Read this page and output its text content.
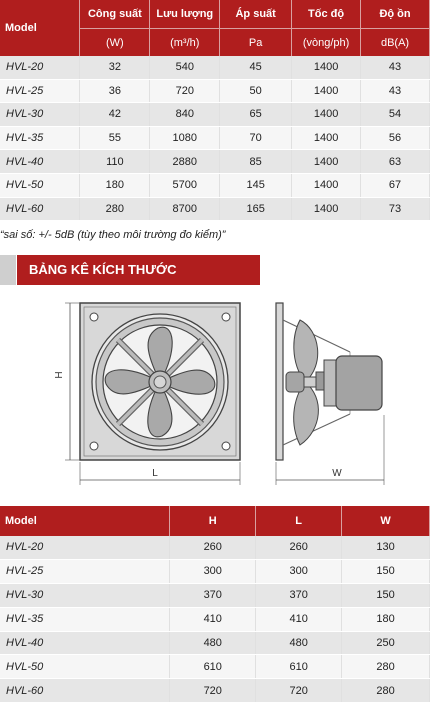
Model	Công suất	Lưu lượng	Áp suất	Tốc độ	Độ ồn
	(W)	(m³/h)	Pa	(vòng/ph)	dB(A)
HVL-20	32	540	45	1400	43
HVL-25	36	720	50	1400	43
HVL-30	42	840	65	1400	54
HVL-35	55	1080	70	1400	56
HVL-40	110	2880	85	1400	63
HVL-50	180	5700	145	1400	67
HVL-60	280	8700	165	1400	73
“sai số: +/- 5dB (tùy theo môi trường đo kiểm)”
BẢNG KÊ KÍCH THƯỚC
H
L	W
Model	H	L	W
HVL-20	260	260	130
HVL-25	300	300	150
HVL-30	370	370	150
HVL-35	410	410	180
HVL-40	480	480	250
HVL-50	610	610	280
HVL-60	720	720	280
